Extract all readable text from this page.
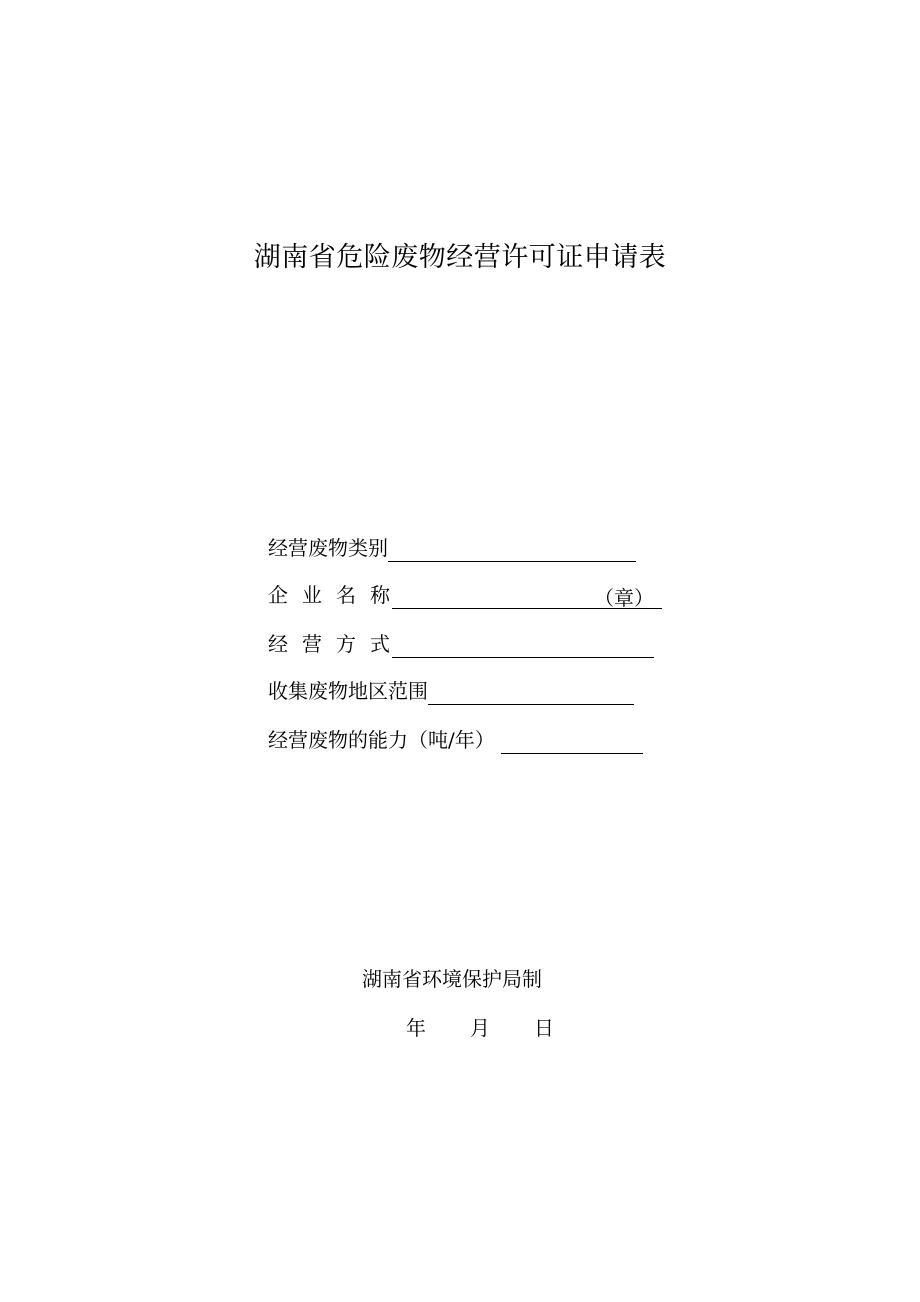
湖南省危险废物经营许可证申请表
经营废物类别
企 业 名 称	（章）
经 营 方 式
收集废物地区范围
经营废物的能力（吨/年）
湖南省环境保护局制
年 月 日
